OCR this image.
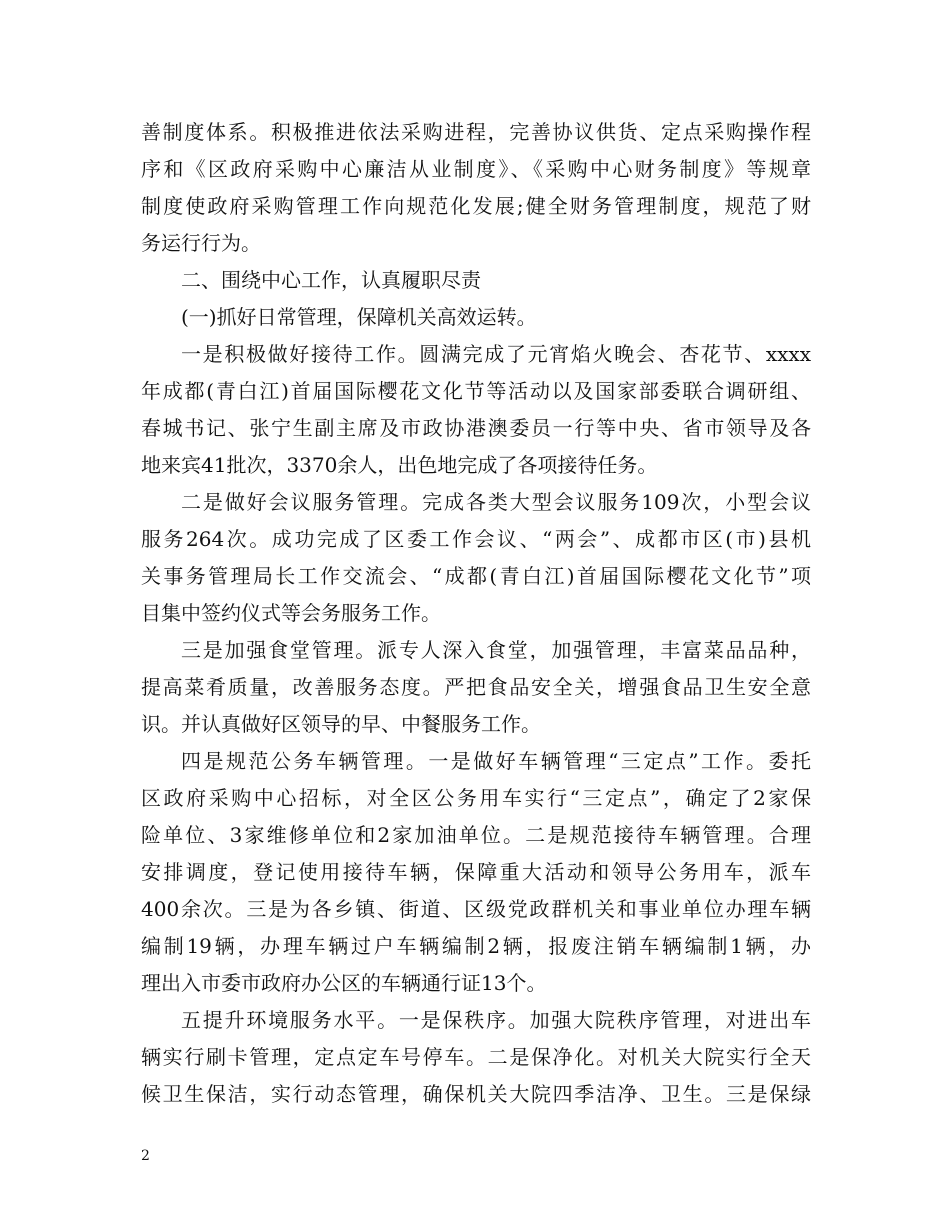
善制度体系。积极推进依法采购进程，完善协议供货、定点采购操作程
序和《区政府采购中心廉洁从业制度》、《采购中心财务制度》等规章
制度使政府采购管理工作向规范化发展;健全财务管理制度，规范了财
务运行行为。
二、围绕中心工作，认真履职尽责
(一)抓好日常管理，保障机关高效运转。
一是积极做好接待工作。圆满完成了元宵焰火晚会、杏花节、xxxx
年成都(青白江)首届国际樱花文化节等活动以及国家部委联合调研组、
春城书记、张宁生副主席及市政协港澳委员一行等中央、省市领导及各
地来宾41批次，3370余人，出色地完成了各项接待任务。
二是做好会议服务管理。完成各类大型会议服务109次，小型会议
服务264次。成功完成了区委工作会议、“两会”、成都市区(市)县机
关事务管理局长工作交流会、“成都(青白江)首届国际樱花文化节”项
目集中签约仪式等会务服务工作。
三是加强食堂管理。派专人深入食堂，加强管理，丰富菜品品种，
提高菜肴质量，改善服务态度。严把食品安全关，增强食品卫生安全意
识。并认真做好区领导的早、中餐服务工作。
四是规范公务车辆管理。一是做好车辆管理“三定点”工作。委托
区政府采购中心招标，对全区公务用车实行“三定点”，确定了2家保
险单位、3家维修单位和2家加油单位。二是规范接待车辆管理。合理
安排调度，登记使用接待车辆，保障重大活动和领导公务用车，派车
400余次。三是为各乡镇、街道、区级党政群机关和事业单位办理车辆
编制19辆，办理车辆过户车辆编制2辆，报废注销车辆编制1辆，办
理出入市委市政府办公区的车辆通行证13个。
五提升环境服务水平。一是保秩序。加强大院秩序管理，对进出车
辆实行刷卡管理，定点定车号停车。二是保净化。对机关大院实行全天
候卫生保洁，实行动态管理，确保机关大院四季洁净、卫生。三是保绿
2
